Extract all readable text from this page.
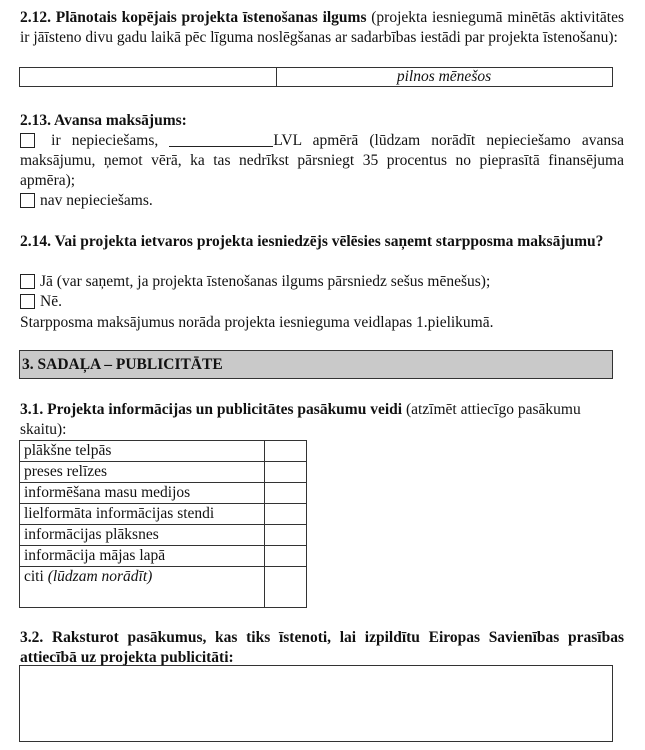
2.12. Plānotais kopējais projekta īstenošanas ilgums (projekta iesniegumā minētās aktivitātes ir jāīsteno divu gadu laikā pēc līguma noslēgšanas ar sadarbības iestādi par projekta īstenošanu):
pilnos mēnešos
2.13. Avansa maksājums:
ir nepieciešams,	LVL apmērā (lūdzam norādīt nepieciešamo avansa maksājumu, ņemot vērā, ka tas nedrīkst pārsniegt 35 procentus no pieprasītā finansējuma apmēra);
nav nepieciešams.
2.14. Vai projekta ietvaros projekta iesniedzējs vēlēsies saņemt starpposma maksājumu?
Jā (var saņemt, ja projekta īstenošanas ilgums pārsniedz sešus mēnešus);
Nē.
Starpposma maksājumus norāda projekta iesnieguma veidlapas 1.pielikumā.
3. SADAĻA – PUBLICITĀTE
3.1. Projekta informācijas un publicitātes pasākumu veidi (atzīmēt attiecīgo pasākumu skaitu):
plākšne telpās	
preses relīzes	
informēšana masu medijos	
lielformāta informācijas stendi	
informācijas plāksnes	
informācija mājas lapā	
citi (lūdzam norādīt)	
3.2. Raksturot pasākumus, kas tiks īstenoti, lai izpildītu Eiropas Savienības prasības attiecībā uz projekta publicitāti:
